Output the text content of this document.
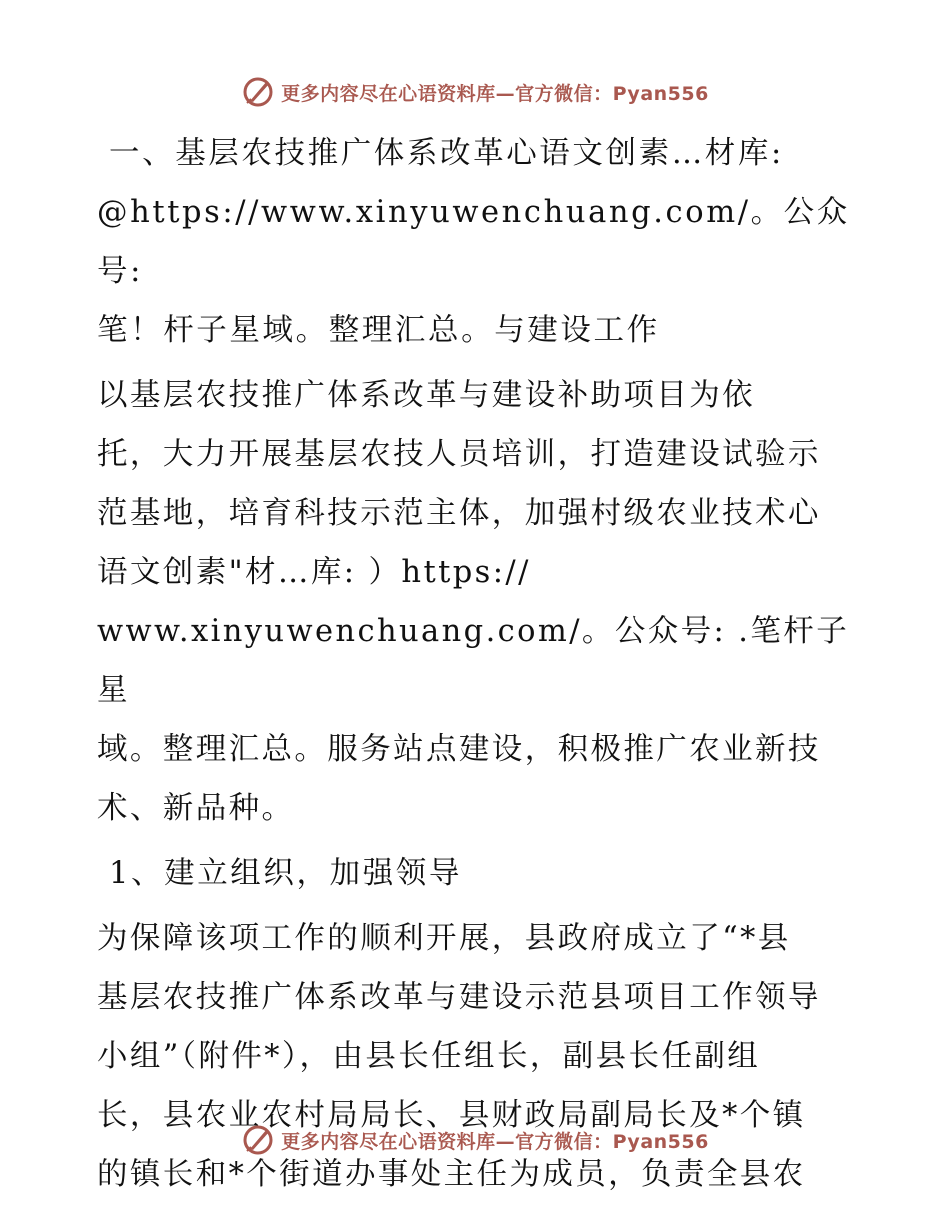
更多内容尽在心语资料库—官方微信：Pyan556

一、基层农技推广体系改革心语文创素…材库:
@https://www.xinyuwenchuang.com/。公众号:
笔！杆子星域。整理汇总。与建设工作

以基层农技推广体系改革与建设补助项目为依
托，大力开展基层农技人员培训，打造建设试验示
范基地，培育科技示范主体，加强村级农业技术心
语文创素"材…库: ）https://
www.xinyuwenchuang.com/。公众号: .笔杆子星
域。整理汇总。服务站点建设，积极推广农业新技
术、新品种。

1、建立组织，加强领导

为保障该项工作的顺利开展，县政府成立了“*县
基层农技推广体系改革与建设示范县项目工作领导
小组”（附件*），由县长任组长，副县长任副组
长，县农业农村局局长、县财政局副局长及*个镇
的镇长和*个街道办事处主任为成员，负责全县农

更多内容尽在心语资料库—官方微信：Pyan556
